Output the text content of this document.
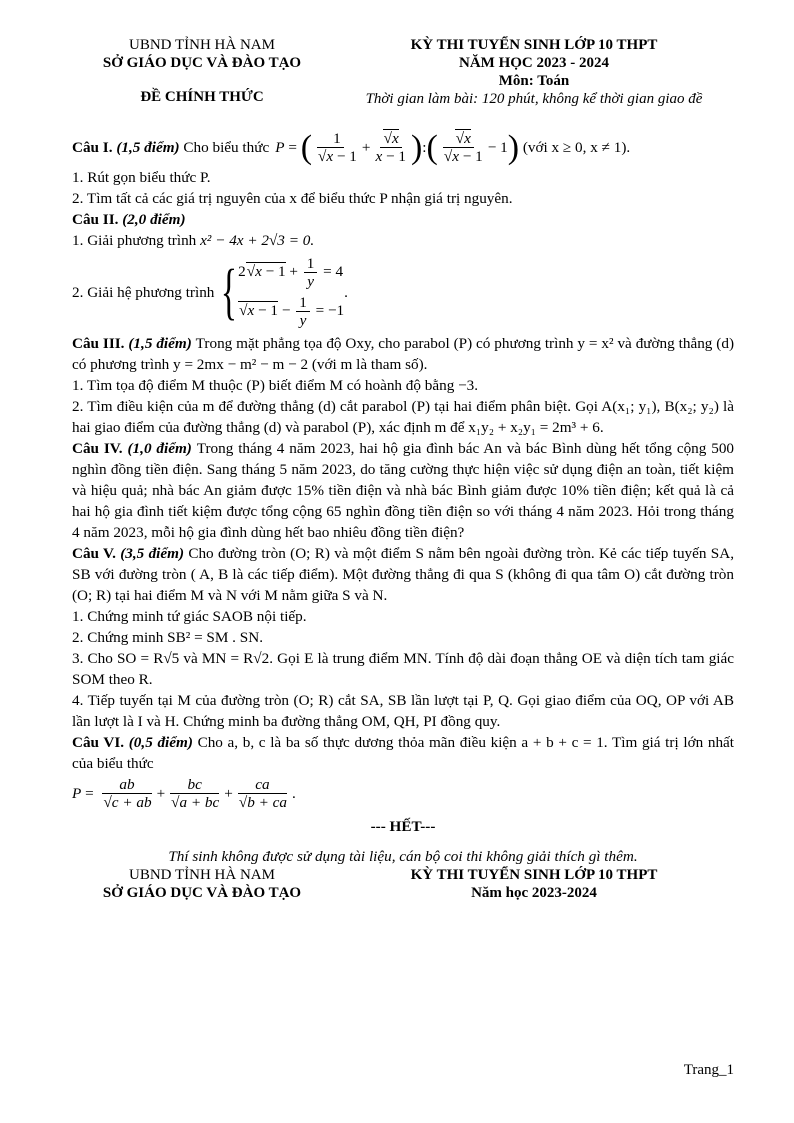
UBND TỈNH HÀ NAM
SỞ GIÁO DỤC VÀ ĐÀO TẠO
ĐỀ CHÍNH THỨC
KỲ THI TUYỂN SINH LỚP 10 THPT
NĂM HỌC 2023 - 2024
Môn: Toán
Thời gian làm bài: 120 phút, không kể thời gian giao đề

Câu I.
(1,5 điểm)
Cho biểu thức P = ( 1
√ x − 1 + √ $\frac{x}{x - 1}$ ) : ( √ x
√ x − 1 − 1 )
(với x ≥ 0, x ≠ 1).

1. Rút gọn biểu thức P.

2. Tìm tất cả các giá trị nguyên của x để biểu thức P nhận giá trị nguyên.

Câu II. (2,0 điểm)

1. Giải phương trình x² − 4x + 2√3 = 0.

2. Giải hệ phương trình { 2 √ $x - 1 + \frac{1}{y} = 4$
√ $x - 1 - \frac{1}{y} = -1$
.

Câu III. (1,5 điểm) Trong mặt phẳng tọa độ Oxy, cho parabol (P) có phương trình y = x² và đường thẳng (d) có phương trình y = 2mx − m² − m − 2 (với m là tham số).

1. Tìm tọa độ điểm M thuộc (P) biết điểm M có hoành độ bằng −3.

2. Tìm điều kiện của m để đường thẳng (d) cắt parabol (P) tại hai điểm phân biệt. Gọi A(x₁; y₁), B(x₂; y₂) là hai giao điểm của đường thẳng (d) và parabol (P), xác định m để x₁y₂ + x₂y₁ = 2m³ + 6.

Câu IV. (1,0 điểm) Trong tháng 4 năm 2023, hai hộ gia đình bác An và bác Bình dùng hết tổng cộng 500 nghìn đồng tiền điện. Sang tháng 5 năm 2023, do tăng cường thực hiện việc sử dụng điện an toàn, tiết kiệm và hiệu quả; nhà bác An giảm được 15% tiền điện và nhà bác Bình giảm được 10% tiền điện; kết quả là cả hai hộ gia đình tiết kiệm được tổng cộng 65 nghìn đồng tiền điện so với tháng 4 năm 2023. Hỏi trong tháng 4 năm 2023, mỗi hộ gia đình dùng hết bao nhiêu đồng tiền điện?

Câu V. (3,5 điểm) Cho đường tròn (O; R) và một điểm S nằm bên ngoài đường tròn. Kẻ các tiếp tuyến SA, SB với đường tròn ( A, B là các tiếp điểm). Một đường thẳng đi qua S (không đi qua tâm O) cắt đường tròn (O; R) tại hai điểm M và N với M nằm giữa S và N.

1. Chứng minh tứ giác SAOB nội tiếp.

2. Chứng minh SB² = SM . SN.

3. Cho SO = R√5 và MN = R√2. Gọi E là trung điểm MN. Tính độ dài đoạn thẳng OE và diện tích tam giác SOM theo R.

4. Tiếp tuyến tại M của đường tròn (O; R) cắt SA, SB lần lượt tại P, Q. Gọi giao điểm của OQ, OP với AB lần lượt là I và H. Chứng minh ba đường thẳng OM, QH, PI đồng quy.

Câu VI. (0,5 điểm) Cho a, b, c là ba số thực dương thỏa mãn điều kiện a + b + c = 1. Tìm giá trị lớn nhất của biểu thức

P = ab
√ c + ab + bc
√ a + bc + ca
√ b + ca .

--- HẾT---
Thí sinh không được sử dụng tài liệu, cán bộ coi thi không giải thích gì thêm.
UBND TỈNH HÀ NAM
SỞ GIÁO DỤC VÀ ĐÀO TẠO
KỲ THI TUYỂN SINH LỚP 10 THPT
Năm học 2023-2024
Trang_1
